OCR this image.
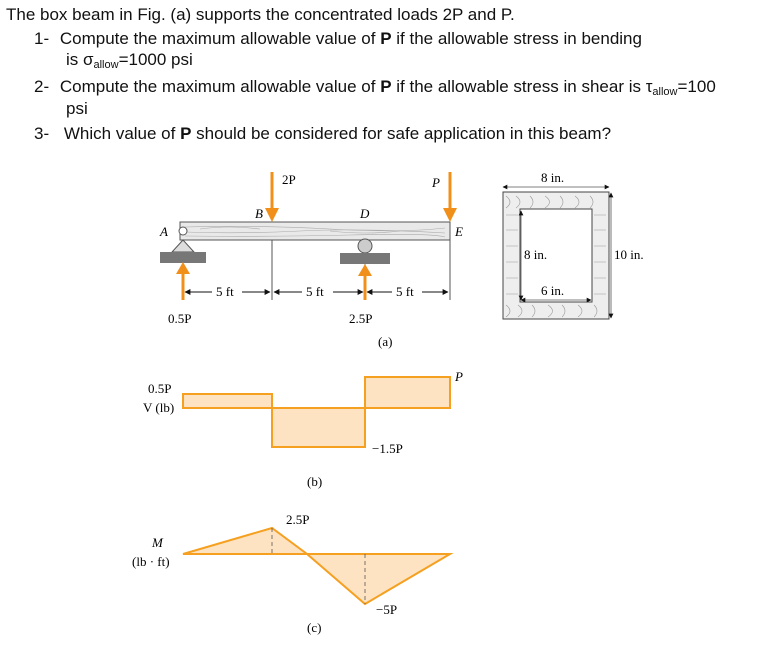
The box beam in Fig. (a) supports the concentrated loads 2P and P.
1- Compute the maximum allowable value of P if the allowable stress in bending
is $\sigma_{allow}=1000$ psi
2- Compute the maximum allowable value of P if the allowable stress in shear is $\tau_{allow}=100$
psi
3- Which value of P should be considered for safe application in this beam?
2P	P
A
B	D
E
5 ft	5 ft	5 ft
0.5P	2.5P
(a)
8 in.
8 in.	10 in.
6 in.
0.5P
V (lb)
−1.5P
P
(b)
2.5P
M
(lb · ft)
−5P
(c)
